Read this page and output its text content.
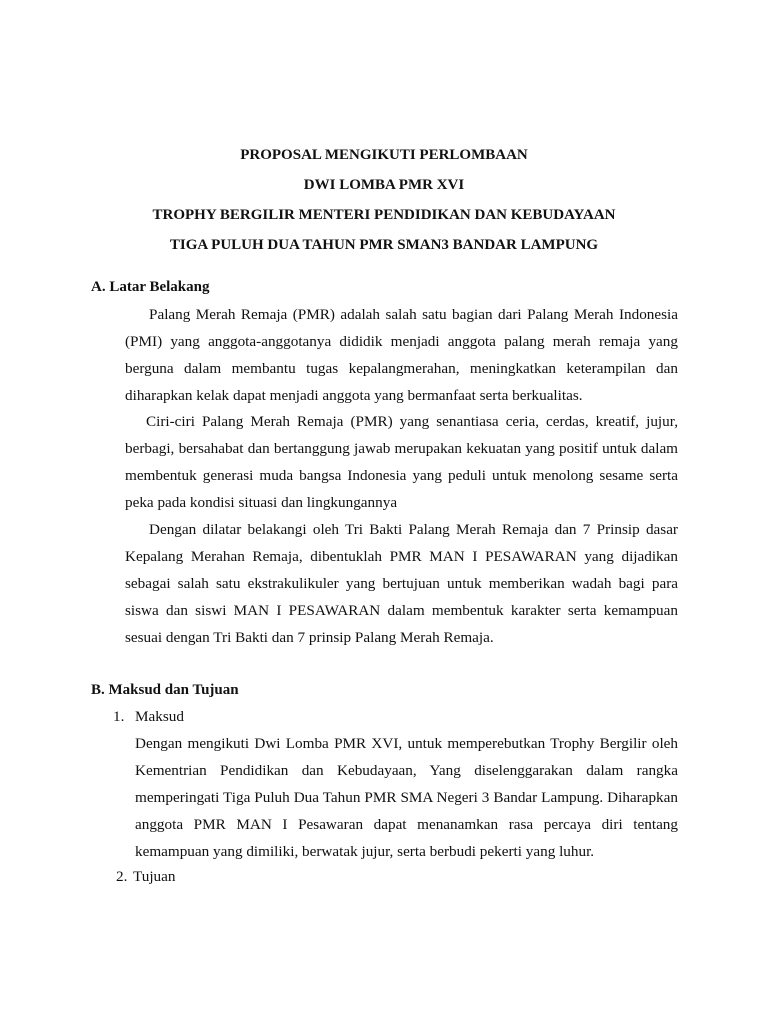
PROPOSAL MENGIKUTI PERLOMBAAN
DWI LOMBA PMR XVI
TROPHY BERGILIR MENTERI PENDIDIKAN DAN KEBUDAYAAN
TIGA PULUH DUA TAHUN PMR SMAN3 BANDAR LAMPUNG
A. Latar Belakang

Palang Merah Remaja (PMR) adalah salah satu bagian dari Palang Merah Indonesia (PMI) yang anggota-anggotanya dididik menjadi anggota palang merah remaja yang berguna dalam membantu tugas kepalangmerahan, meningkatkan keterampilan dan diharapkan kelak dapat menjadi anggota yang bermanfaat serta berkualitas.

Ciri-ciri Palang Merah Remaja (PMR) yang senantiasa ceria, cerdas, kreatif, jujur, berbagi, bersahabat dan bertanggung jawab merupakan kekuatan yang positif untuk dalam membentuk generasi muda bangsa Indonesia yang peduli untuk menolong sesame serta peka pada kondisi situasi dan lingkungannya

Dengan dilatar belakangi oleh Tri Bakti Palang Merah Remaja dan 7 Prinsip dasar Kepalang Merahan Remaja, dibentuklah PMR MAN I PESAWARAN yang dijadikan sebagai salah satu ekstrakulikuler yang bertujuan untuk memberikan wadah bagi para siswa dan siswi MAN I PESAWARAN dalam membentuk karakter serta kemampuan sesuai dengan Tri Bakti dan 7 prinsip Palang Merah Remaja.

B. Maksud dan Tujuan
1. Maksud

Dengan mengikuti Dwi Lomba PMR XVI, untuk memperebutkan Trophy Bergilir oleh Kementrian Pendidikan dan Kebudayaan, Yang diselenggarakan dalam rangka memperingati Tiga Puluh Dua Tahun PMR SMA Negeri 3 Bandar Lampung. Diharapkan anggota PMR MAN I Pesawaran dapat menanamkan rasa percaya diri tentang kemampuan yang dimiliki, berwatak jujur, serta berbudi pekerti yang luhur.

2. Tujuan
